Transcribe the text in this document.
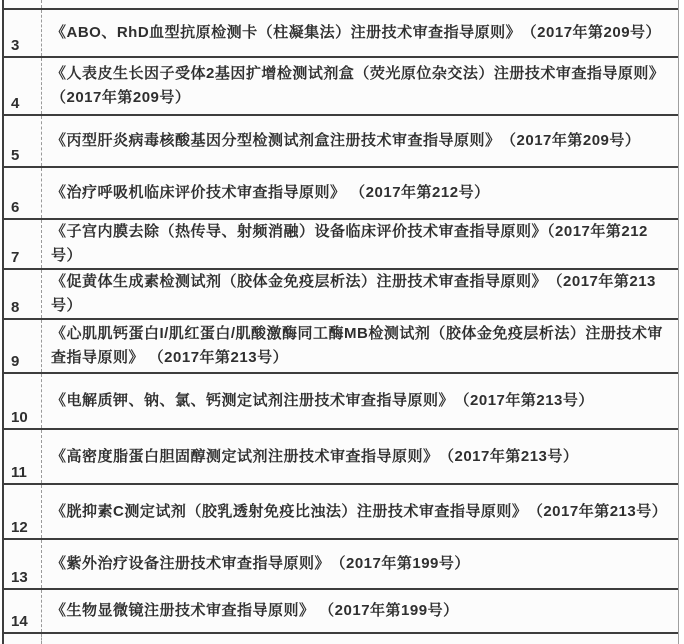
3
《ABO、RhD血型抗原检测卡（柱凝集法）注册技术审查指导原则》　（2017年第209号）
4
《人表皮生长因子受体2基因扩增检测试剂盒（荧光原位杂交法）注册技术审查指导原则》（2017年第209号）
5
《丙型肝炎病毒核酸基因分型检测试剂盒注册技术审查指导原则》　（2017年第209号）
6
《治疗呼吸机临床评价技术审查指导原则》 （2017年第212号）
7
《子宫内膜去除（热传导、射频消融）设备临床评价技术审查指导原则》（2017年第212号）
8
《促黄体生成素检测试剂（胶体金免疫层析法）注册技术审查指导原则》　（2017年第213号）
9
《心肌肌钙蛋白I/肌红蛋白/肌酸激酶同工酶MB检测试剂（胶体金免疫层析法）注册技术审查指导原则》 （2017年第213号）
10
《电解质钾、钠、氯、钙测定试剂注册技术审查指导原则》　（2017年第213号）
11
《高密度脂蛋白胆固醇测定试剂注册技术审查指导原则》　（2017年第213号）
12
《胱抑素C测定试剂（胶乳透射免疫比浊法）注册技术审查指导原则》　（2017年第213号）
13
《紫外治疗设备注册技术审查指导原则》　（2017年第199号）
14
《生物显微镜注册技术审查指导原则》 （2017年第199号）
